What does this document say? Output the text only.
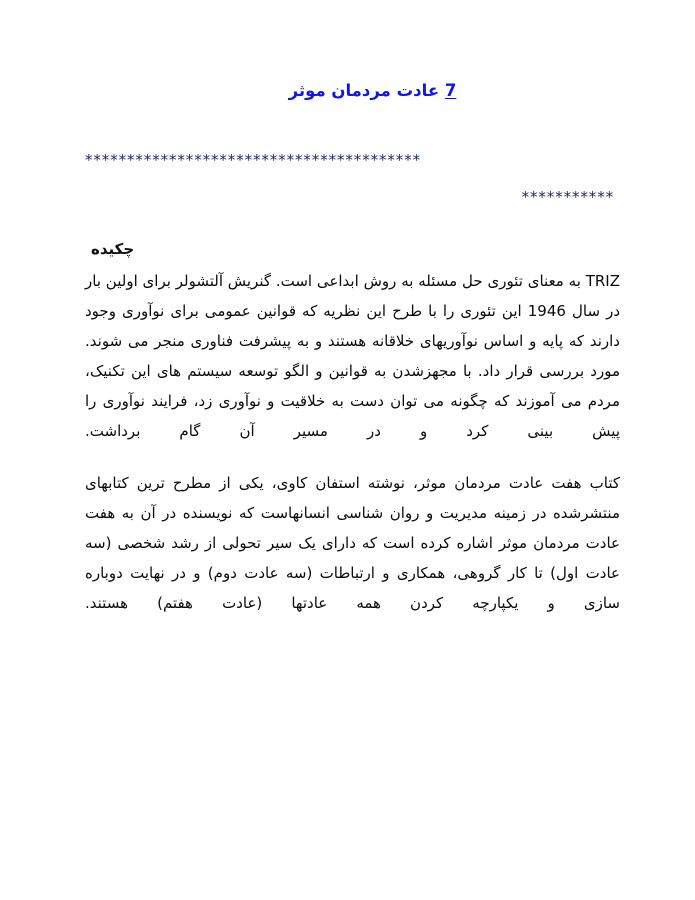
7 عادت مردمان موثر
****************************************
***********
چکیده

TRIZ به معنای تئوری حل مسئله به روش ابداعی است. گنریش آلتشولر برای اولین بار در سال 1946 این تئوری را با طرح این نظریه که قوانین عمومی برای نوآوری وجود دارند که پایه و اساس نوآوریهای خلاقانه هستند و به پیشرفت فناوری منجر می شوند. مورد بررسی قرار داد. با مجهزشدن به قوانین و الگو توسعه سیستم های این تکنیک، مردم می آموزند که چگونه می توان دست به خلاقیت و نوآوری زد، فرایند نوآوری را پیش بینی کرد و در مسیر آن گام برداشت.

کتاب هفت عادت مردمان موثر، نوشته استفان کاوی، یکی از مطرح ترین کتابهای منتشرشده در زمینه مدیریت و روان شناسی انسانهاست که نویسنده در آن به هفت عادت مردمان موثر اشاره کرده است که دارای یک سیر تحولی از رشد شخصی (سه عادت اول) تا کار گروهی، همکاری و ارتباطات (سه عادت دوم) و در نهایت دوباره سازی و یکپارچه کردن همه عادتها (عادت هفتم) هستند.
